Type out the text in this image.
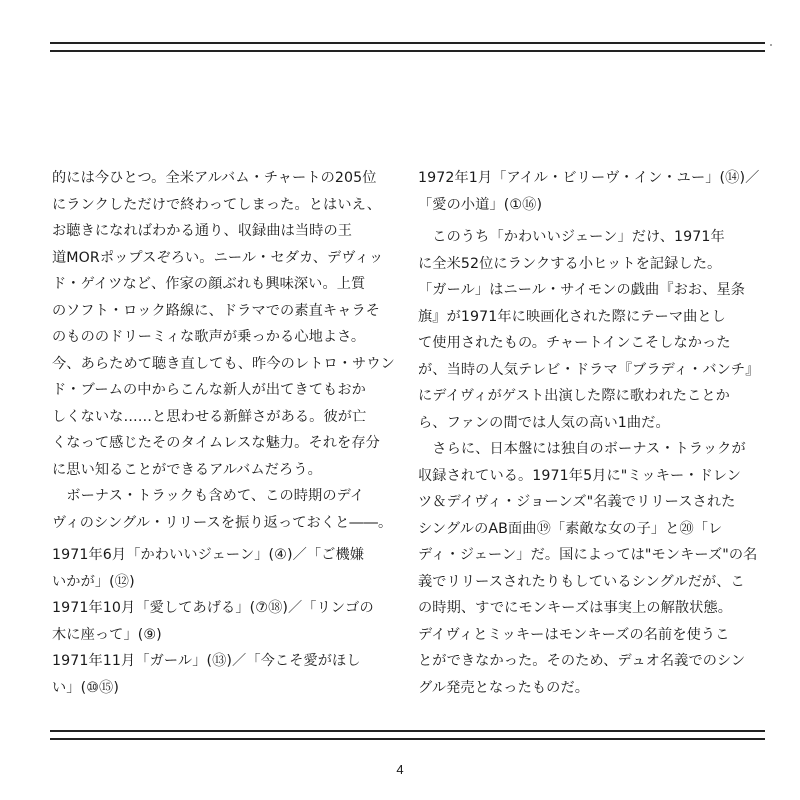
的には今ひとつ。全米アルバム・チャートの205位
にランクしただけで終わってしまった。とはいえ、
お聴きになればわかる通り、収録曲は当時の王
道MORポップスぞろい。ニール・セダカ、デヴィッ
ド・ゲイツなど、作家の顔ぶれも興味深い。上質
のソフト・ロック路線に、ドラマでの素直キャラそ
のもののドリーミィな歌声が乗っかる心地よさ。
今、あらためて聴き直しても、昨今のレトロ・サウン
ド・ブームの中からこんな新人が出てきてもおか
しくないな……と思わせる新鮮さがある。彼が亡
くなって感じたそのタイムレスな魅力。それを存分
に思い知ることができるアルバムだろう。
　ボーナス・トラックも含めて、この時期のデイ
ヴィのシングル・リリースを振り返っておくと――。
1971年6月「かわいいジェーン」(④)／「ご機嫌
いかが」(⑫)
1971年10月「愛してあげる」(⑦⑱)／「リンゴの
木に座って」(⑨)
1971年11月「ガール」(⑬)／「今こそ愛がほし
い」(⑩⑮)
1972年1月「アイル・ビリーヴ・イン・ユー」(⑭)／
「愛の小道」(①⑯)
　このうち「かわいいジェーン」だけ、1971年
に全米52位にランクする小ヒットを記録した。
「ガール」はニール・サイモンの戯曲『おお、星条
旗』が1971年に映画化された際にテーマ曲とし
て使用されたもの。チャートインこそしなかった
が、当時の人気テレビ・ドラマ『ブラディ・バンチ』
にデイヴィがゲスト出演した際に歌われたことか
ら、ファンの間では人気の高い1曲だ。
　さらに、日本盤には独自のボーナス・トラックが
収録されている。1971年5月に"ミッキー・ドレン
ツ＆デイヴィ・ジョーンズ"名義でリリースされた
シングルのAB面曲⑲「素敵な女の子」と⑳「レ
ディ・ジェーン」だ。国によっては"モンキーズ"の名
義でリリースされたりもしているシングルだが、こ
の時期、すでにモンキーズは事実上の解散状態。
デイヴィとミッキーはモンキーズの名前を使うこ
とができなかった。そのため、デュオ名義でのシン
グル発売となったものだ。
4
